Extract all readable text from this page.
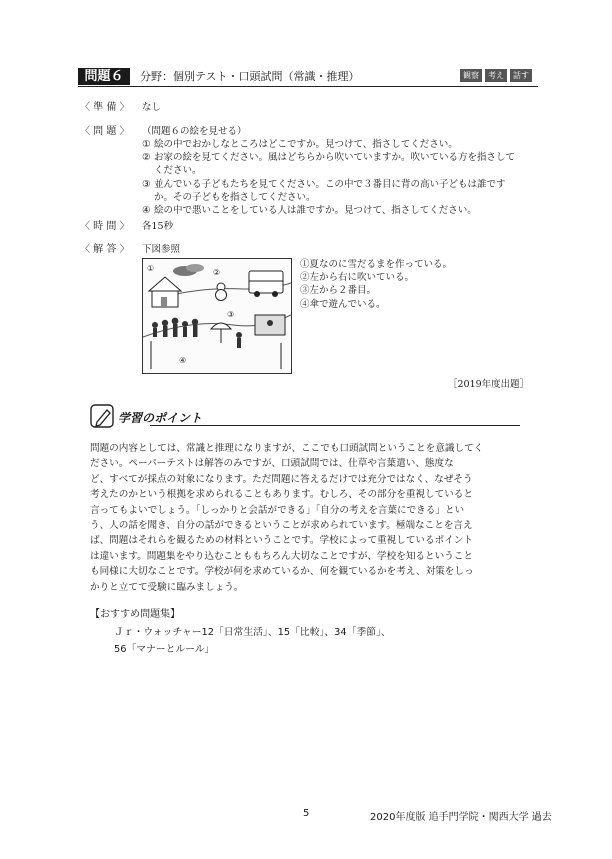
問題６	分野：個別テスト・口頭試問（常識・推理）	観察	考え	話す
〈 準 備 〉 なし
〈 問 題 〉 （問題６の絵を見せる）
① 絵の中でおかしなところはどこですか。見つけて、指さしてください。
② お家の絵を見てください。風はどちらから吹いていますか。吹いている方を指さしてください。
③ 並んでいる子どもたちを見てください。この中で３番目に背の高い子どもは誰ですか。その子どもを指さしてください。
④ 絵の中で悪いことをしている人は誰ですか。見つけて、指さしてください。
〈 時 間 〉 各15秒
〈 解 答 〉 下図参照
①	②
③
④
①夏なのに雪だるまを作っている。
②左から右に吹いている。
③左から２番目。
④傘で遊んでいる。
［2019年度出題］
学習のポイント
問題の内容としては、常識と推理になりますが、ここでも口頭試問ということを意識してく
ださい。ペーパーテストは解答のみですが、口頭試問では、仕草や言葉遣い、態度な
ど、すべてが採点の対象になります。ただ問題に答えるだけでは充分ではなく、なぜそう
考えたのかという根拠を求められることもあります。むしろ、その部分を重視していると
言ってもよいでしょう。「しっかりと会話ができる」「自分の考えを言葉にできる」とい
う、人の話を聞き、自分の話ができるということが求められています。極端なことを言え
ば、問題はそれらを観るための材料ということです。学校によって重視しているポイント
は違います。問題集をやり込むことももちろん大切なことですが、学校を知るということ
も同様に大切なことです。学校が何を求めているか、何を観ているかを考え、対策をしっ
かりと立てて受験に臨みましょう。
【おすすめ問題集】
Ｊｒ・ウォッチャー12「日常生活」、15「比較」、34「季節」、
56「マナーとルール」
5	2020年度版 追手門学院・関西大学 過去
